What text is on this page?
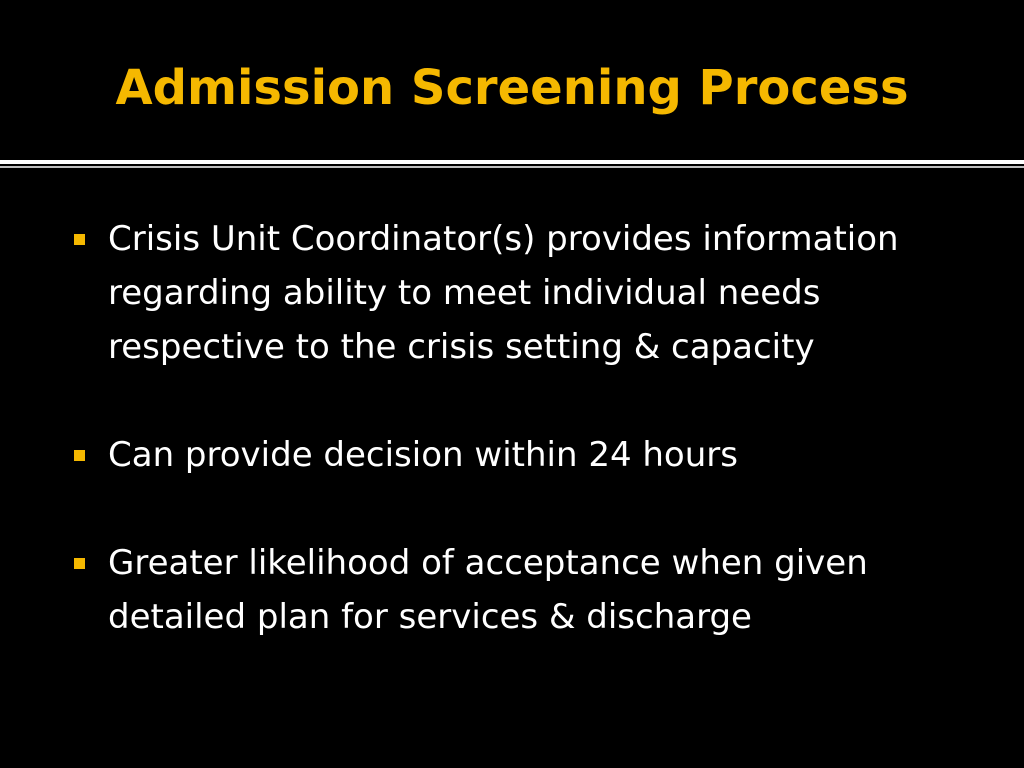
Admission Screening Process
Crisis Unit Coordinator(s) provides information regarding ability to meet individual needs respective to the crisis setting & capacity
Can provide decision within 24 hours
Greater likelihood of acceptance when given detailed plan for services & discharge
